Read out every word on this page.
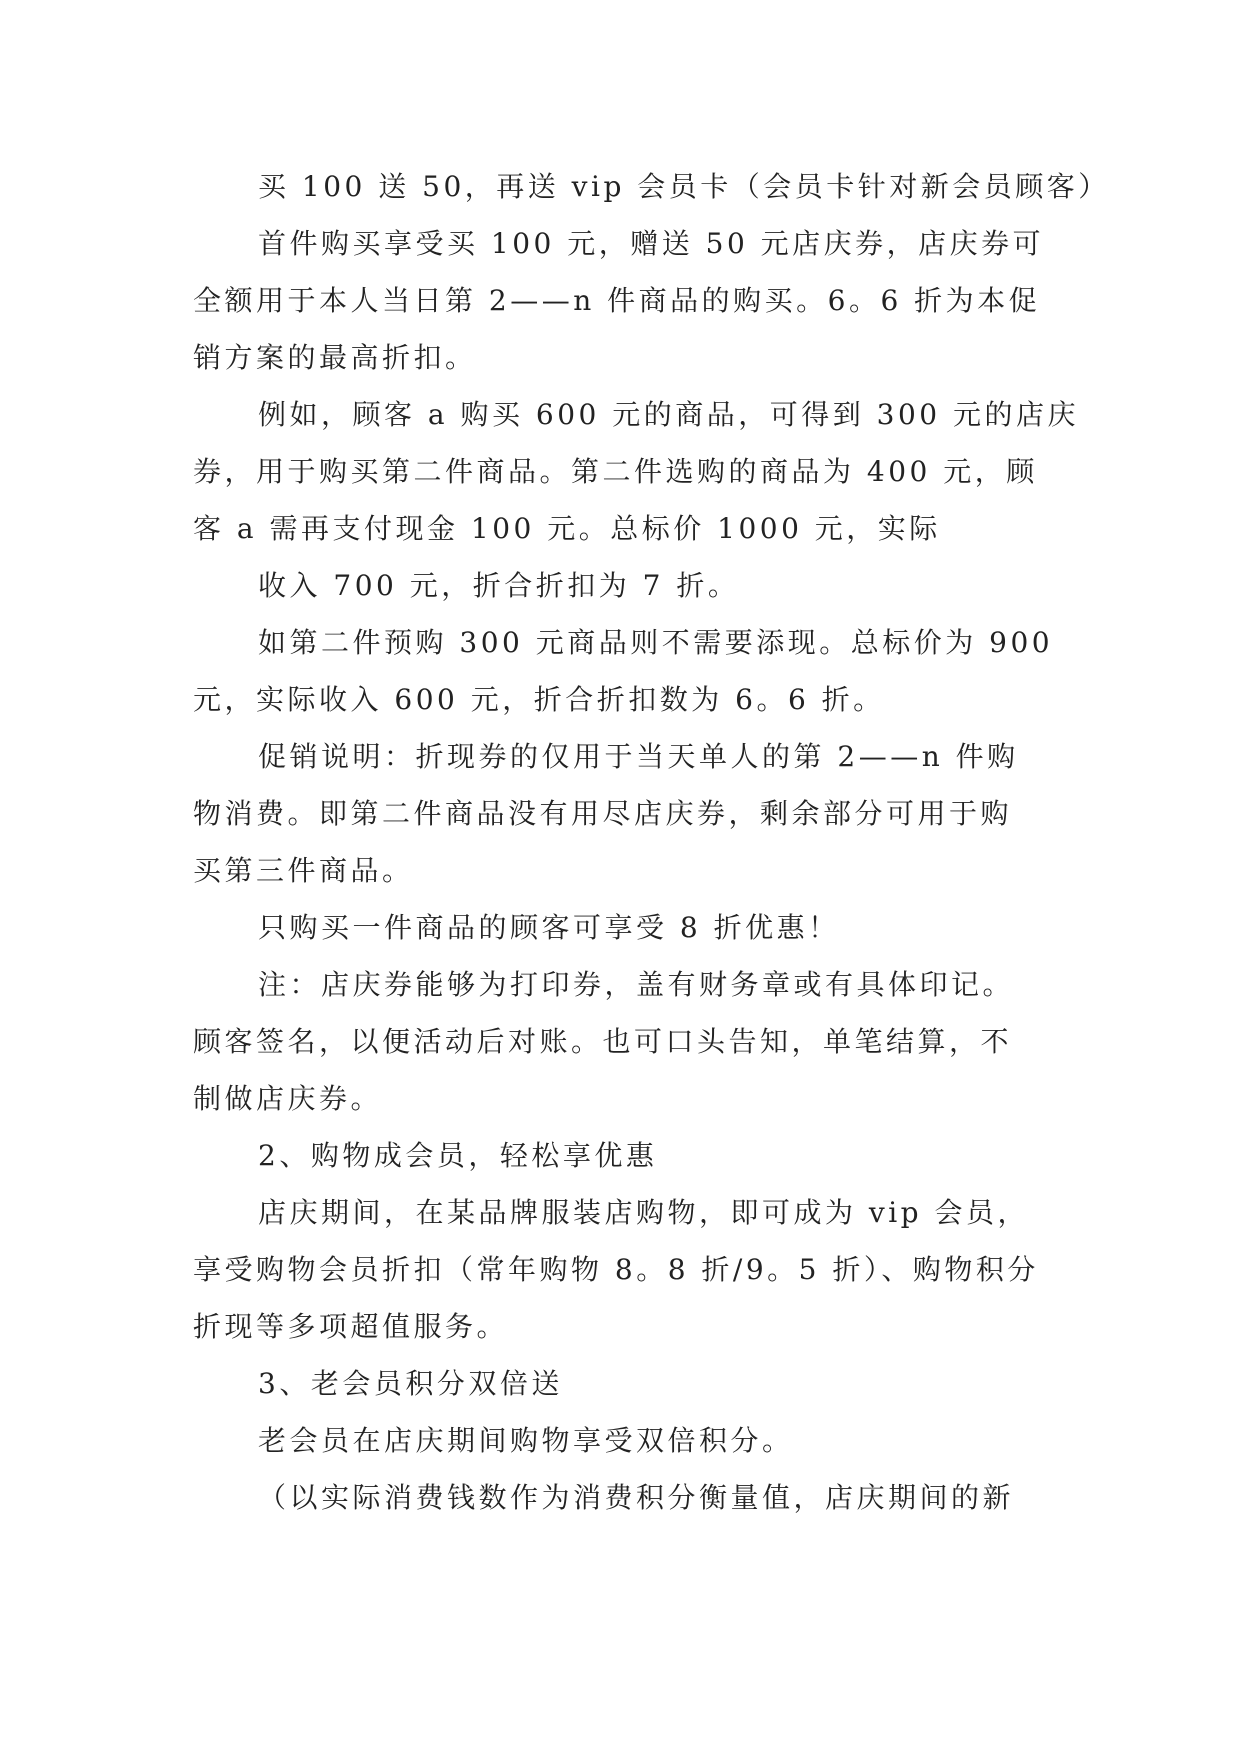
买 100 送 50，再送 vip 会员卡（会员卡针对新会员顾客）
首件购买享受买 100 元，赠送 50 元店庆券，店庆券可
全额用于本人当日第 2——n 件商品的购买。6。6 折为本促
销方案的最高折扣。
例如，顾客 a 购买 600 元的商品，可得到 300 元的店庆
券，用于购买第二件商品。第二件选购的商品为 400 元，顾
客 a 需再支付现金 100 元。总标价 1000 元，实际
收入 700 元，折合折扣为 7 折。
如第二件预购 300 元商品则不需要添现。总标价为 900
元，实际收入 600 元，折合折扣数为 6。6 折。
促销说明：折现券的仅用于当天单人的第 2——n 件购
物消费。即第二件商品没有用尽店庆券，剩余部分可用于购
买第三件商品。
只购买一件商品的顾客可享受 8 折优惠！
注：店庆券能够为打印券，盖有财务章或有具体印记。
顾客签名，以便活动后对账。也可口头告知，单笔结算，不
制做店庆券。
2、购物成会员，轻松享优惠
店庆期间，在某品牌服装店购物，即可成为 vip 会员，
享受购物会员折扣（常年购物 8。8 折/9。5 折）、购物积分
折现等多项超值服务。
3、老会员积分双倍送
老会员在店庆期间购物享受双倍积分。
（以实际消费钱数作为消费积分衡量值，店庆期间的新
